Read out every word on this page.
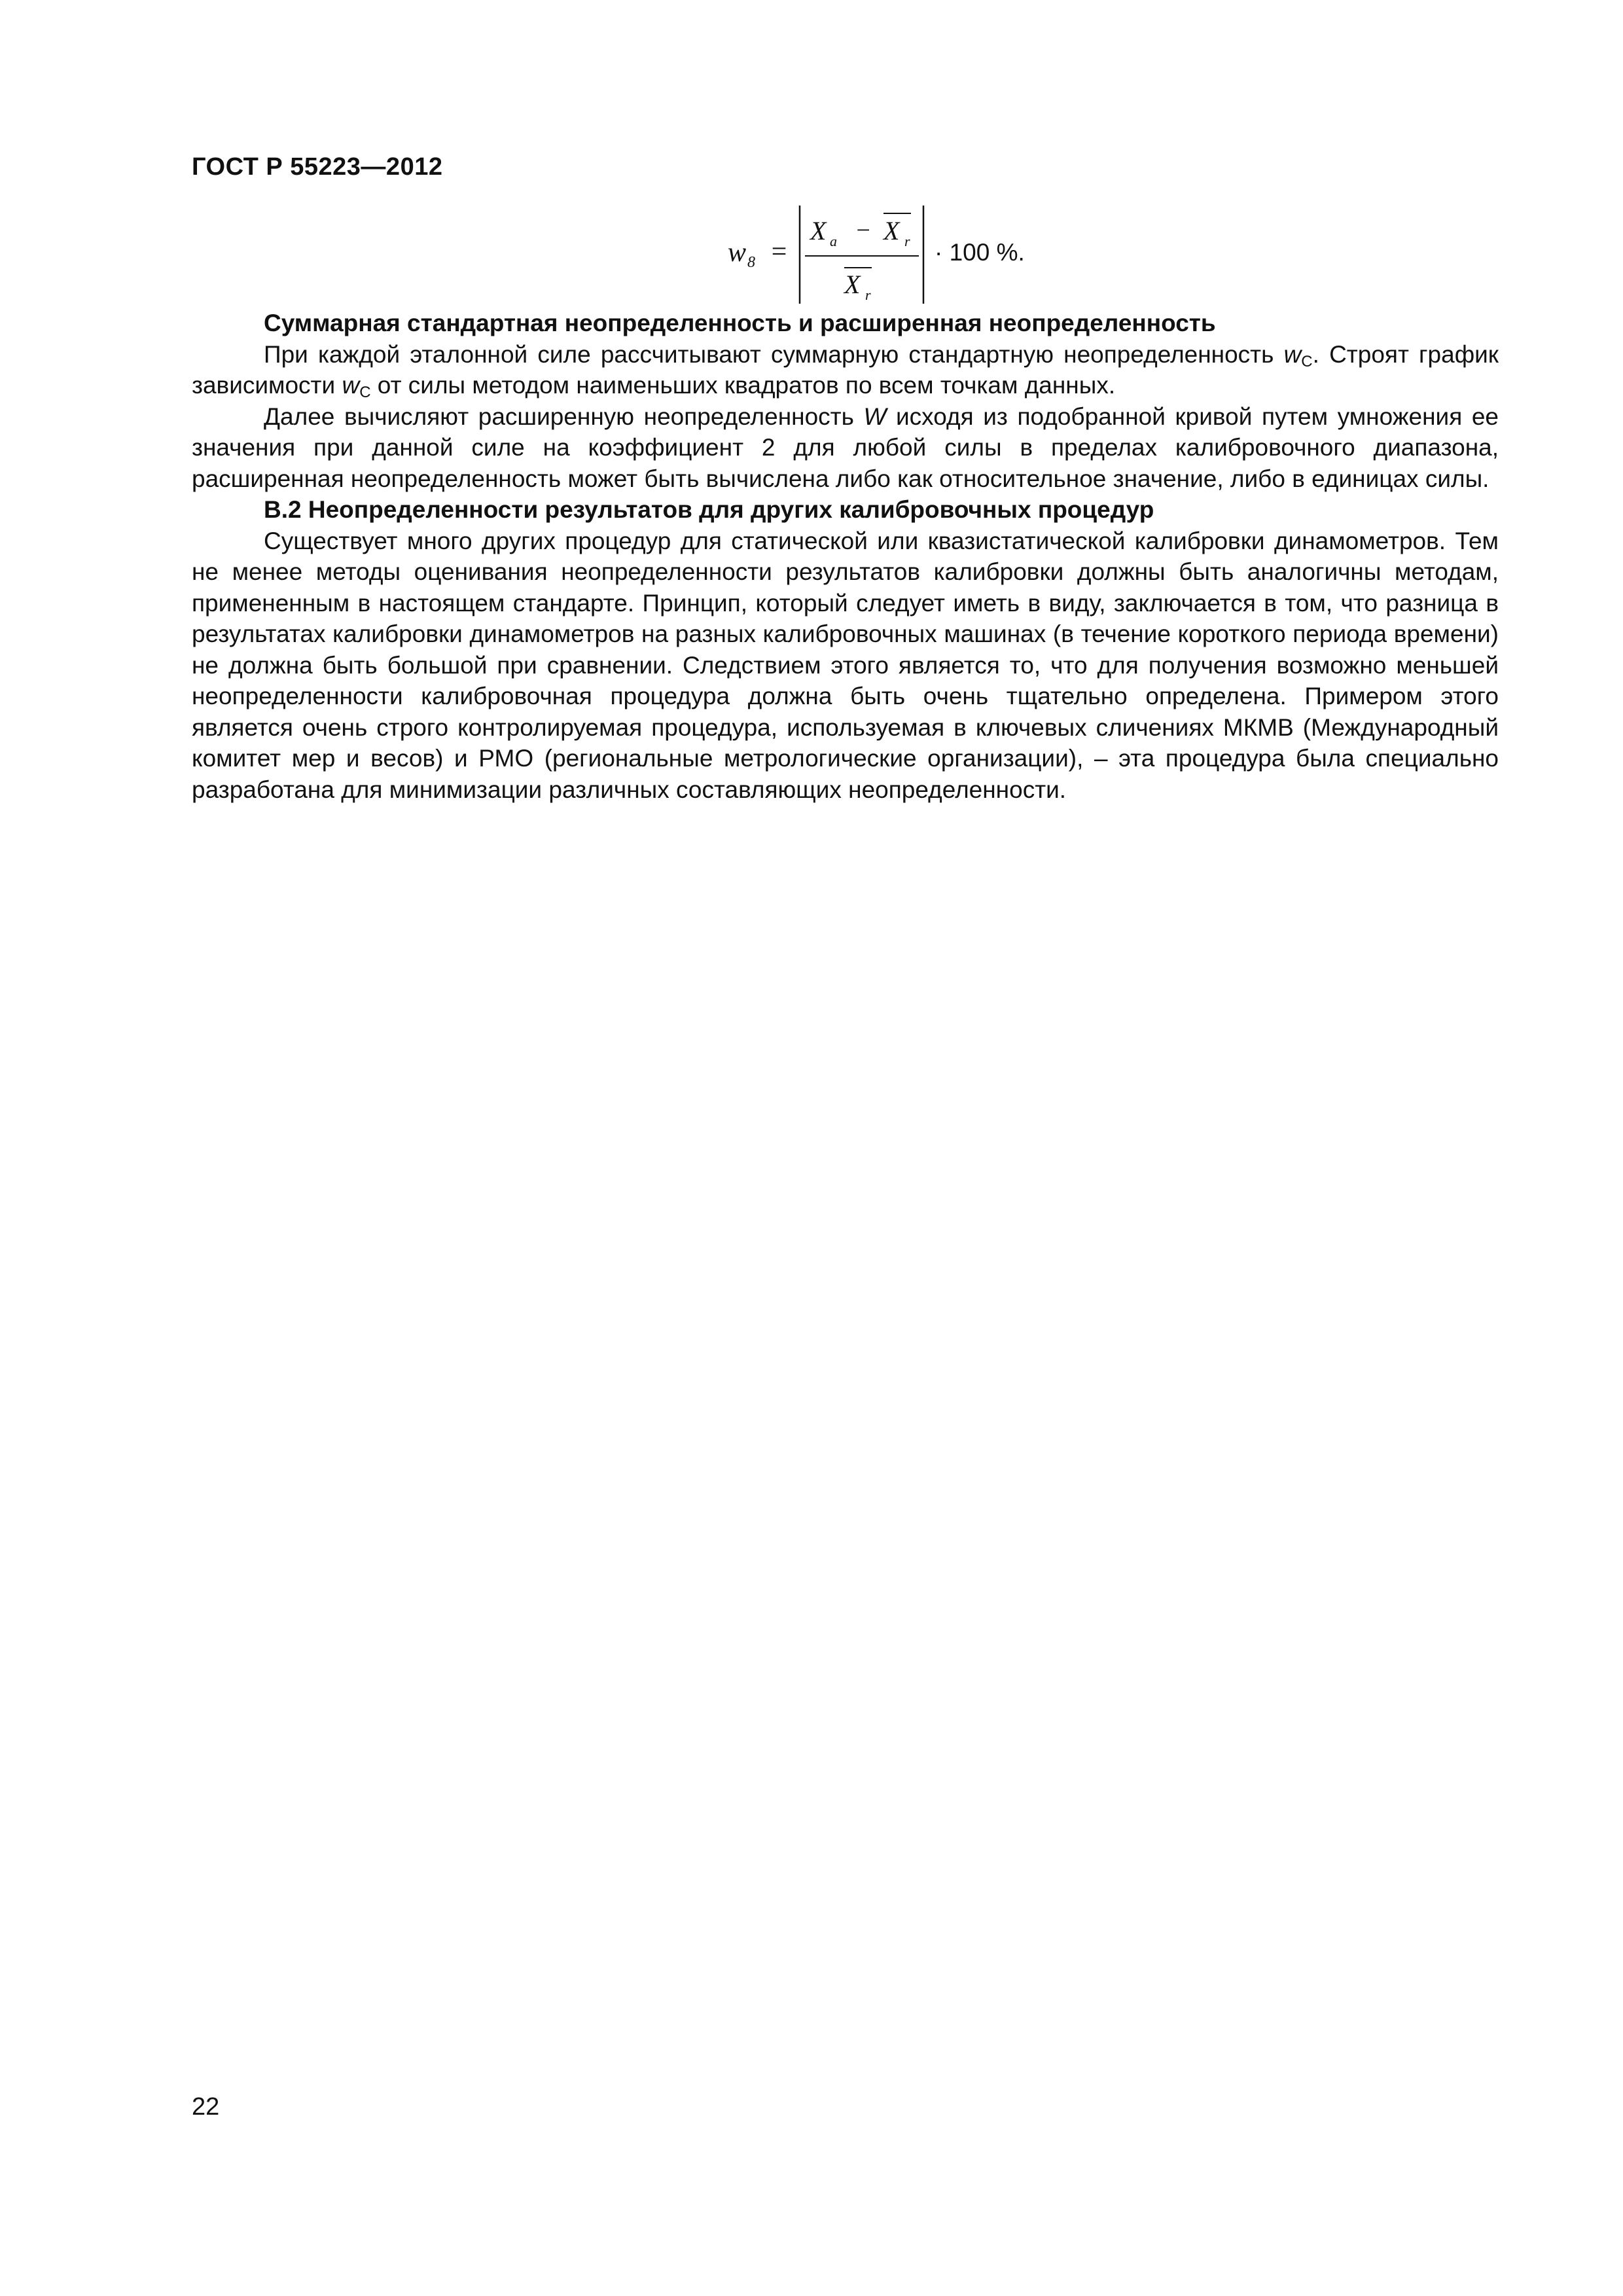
ГОСТ Р 55223—2012
w 8 =
X a − X r
X r
· 100 %.

Суммарная стандартная неопределенность и расширенная неопределенность

При каждой эталонной силе рассчитывают суммарную стандартную неопределенность $w_C$. Строят график зависимости $w_C$ от силы методом наименьших квадратов по всем точкам данных.

Далее вычисляют расширенную неопределенность W исходя из подобранной кривой путем умножения ее значения при данной силе на коэффициент 2 для любой силы в пределах калибровочного диапазона, расширенная неопределенность может быть вычислена либо как относительное значение, либо в единицах силы.

В.2 Неопределенности результатов для других калибровочных процедур

Существует много других процедур для статической или квазистатической калибровки динамометров. Тем не менее методы оценивания неопределенности результатов калибровки должны быть аналогичны методам, примененным в настоящем стандарте. Принцип, который следует иметь в виду, заключается в том, что разница в результатах калибровки динамометров на разных калибровочных машинах (в течение короткого периода времени) не должна быть большой при сравнении. Следствием этого является то, что для получения возможно меньшей неопределенности калибровочная процедура должна быть очень тщательно определена. Примером этого является очень строго контролируемая процедура, используемая в ключевых сличениях МКМВ (Международный комитет мер и весов) и РМО (региональные метрологические организации), – эта процедура была специально разработана для минимизации различных составляющих неопределенности.

22
